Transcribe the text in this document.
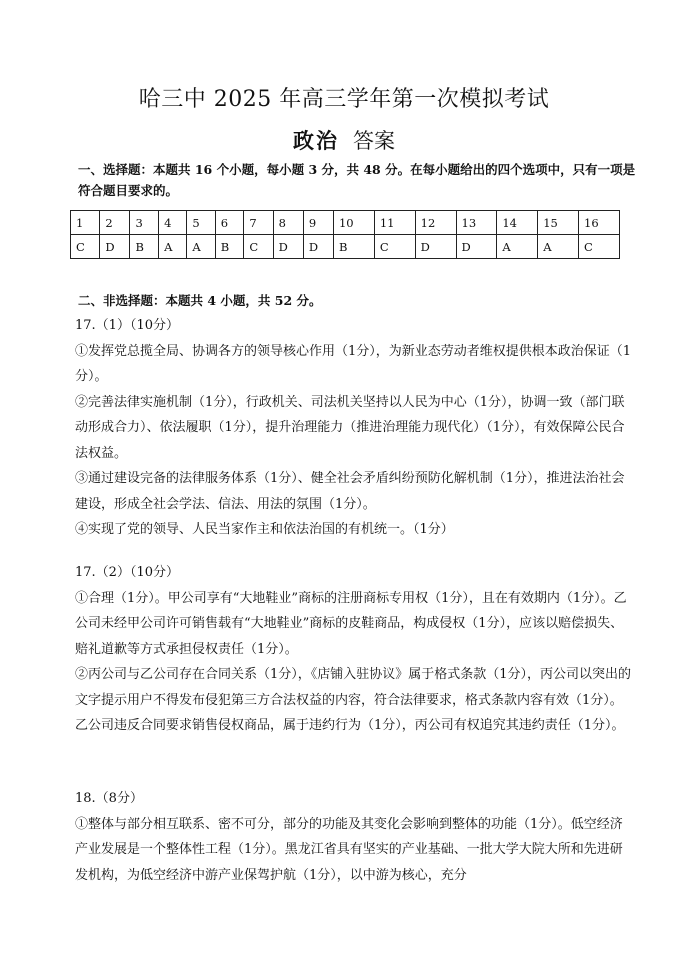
哈三中 2025 年高三学年第一次模拟考试
政治 答案

一、选择题：本题共 16 个小题，每小题 3 分，共 48 分。在每小题给出的四个选项中，只有一项是符合题目要求的。

1	2	3	4	5	6	7	8	9	10	11	12	13	14	15	16
C	D	B	A	A	B	C	D	D	B	C	D	D	A	A	C

二、非选择题：本题共 4 小题，共 52 分。

17.（1）（10分）

①发挥党总揽全局、协调各方的领导核心作用（1分），为新业态劳动者维权提供根本政治保证（1分）。

②完善法律实施机制（1分），行政机关、司法机关坚持以人民为中心（1分），协调一致（部门联动形成合力）、依法履职（1分），提升治理能力（推进治理能力现代化）（1分），有效保障公民合法权益。

③通过建设完备的法律服务体系（1分）、健全社会矛盾纠纷预防化解机制（1分），推进法治社会建设，形成全社会学法、信法、用法的氛围（1分）。

④实现了党的领导、人民当家作主和依法治国的有机统一。（1分）

17.（2）（10分）

①合理（1分）。甲公司享有“大地鞋业”商标的注册商标专用权（1分），且在有效期内（1分）。乙公司未经甲公司许可销售载有“大地鞋业”商标的皮鞋商品，构成侵权（1分），应该以赔偿损失、赔礼道歉等方式承担侵权责任（1分）。

②丙公司与乙公司存在合同关系（1分），《店铺入驻协议》属于格式条款（1分），丙公司以突出的文字提示用户不得发布侵犯第三方合法权益的内容，符合法律要求，格式条款内容有效（1分）。乙公司违反合同要求销售侵权商品，属于违约行为（1分），丙公司有权追究其违约责任（1分）。

18.（8分）

①整体与部分相互联系、密不可分，部分的功能及其变化会影响到整体的功能（1分）。低空经济产业发展是一个整体性工程（1分）。黑龙江省具有坚实的产业基础、一批大学大院大所和先进研发机构，为低空经济中游产业保驾护航（1分），以中游为核心，充分
